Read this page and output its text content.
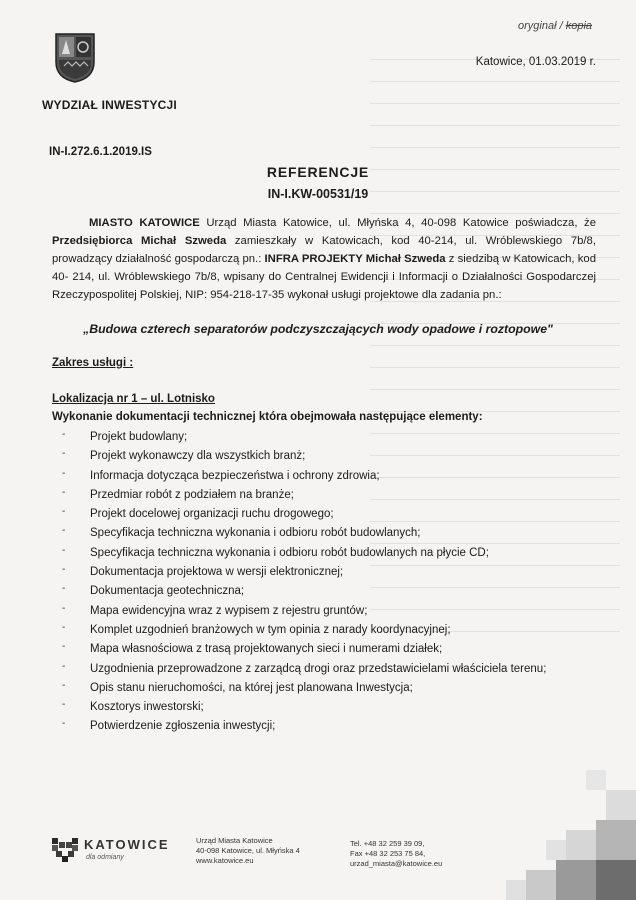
oryginał / kopia
Katowice, 01.03.2019 r.
WYDZIAŁ INWESTYCJI
IN-I.272.6.1.2019.IS
REFERENCJE
IN-I.KW-00531/19

MIASTO KATOWICE Urząd Miasta Katowice, ul. Młyńska 4, 40-098 Katowice poświadcza, że Przedsiębiorca Michał Szweda zamieszkały w Katowicach, kod 40-214, ul. Wróblewskiego 7b/8, prowadzący działalność gospodarczą pn.: INFRA PROJEKTY Michał Szweda z siedzibą w Katowicach, kod 40- 214, ul. Wróblewskiego 7b/8, wpisany do Centralnej Ewidencji i Informacji o Działalności Gospodarczej Rzeczypospolitej Polskiej, NIP: 954-218-17-35 wykonał usługi projektowe dla zadania pn.:

„Budowa czterech separatorów podczyszczających wody opadowe i roztopowe"
Zakres usługi :
Lokalizacja nr 1 – ul. Lotnisko
Wykonanie dokumentacji technicznej która obejmowała następujące elementy:
- Projekt budowlany;
- Projekt wykonawczy dla wszystkich branż;
- Informacja dotycząca bezpieczeństwa i ochrony zdrowia;
- Przedmiar robót z podziałem na branże;
- Projekt docelowej organizacji ruchu drogowego;
- Specyfikacja techniczna wykonania i odbioru robót budowlanych;
- Specyfikacja techniczna wykonania i odbioru robót budowlanych na płycie CD;
- Dokumentacja projektowa w wersji elektronicznej;
- Dokumentacja geotechniczna;
- Mapa ewidencyjna wraz z wypisem z rejestru gruntów;
- Komplet uzgodnień branżowych w tym opinia z narady koordynacyjnej;
- Mapa własnościowa z trasą projektowanych sieci i numerami działek;
- Uzgodnienia przeprowadzone z zarządcą drogi oraz przedstawicielami właściciela terenu;
- Opis stanu nieruchomości, na której jest planowana Inwestycja;
- Kosztorys inwestorski;
- Potwierdzenie zgłoszenia inwestycji;
KATOWICE
dla odmiany
Urząd Miasta Katowice
40-098 Katowice, ul. Młyńska 4
www.katowice.eu
Tel. +48 32 259 39 09,
Fax +48 32 253 75 84,
urzad_miasta@katowice.eu
